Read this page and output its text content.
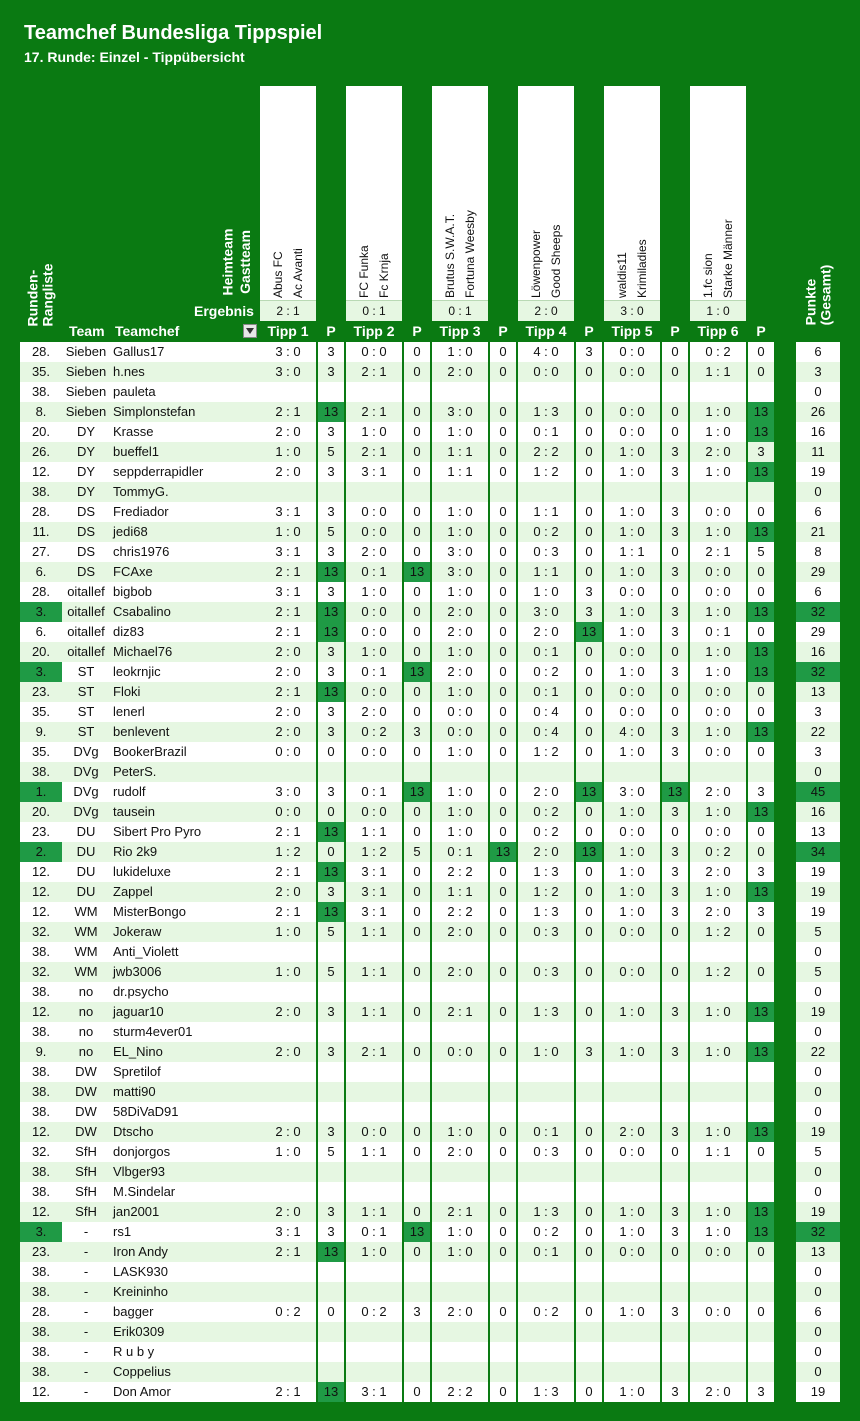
Teamchef Bundesliga Tippspiel
17. Runde: Einzel - Tippübersicht
Runden-Rangliste	Heimteam Gastteam
Ergebnis
Abus FC Ac Avanti
2 : 1
FC Funka Fc Krnja
0 : 1
Brutus S.W.A.T. Fortuna Weesby
0 : 1
Löwenpower Good Sheeps
2 : 0
waldis11 Krimiladies
3 : 0
1.fc sion Starke Männer
1 : 0
Team Teamchef	Tipp 1	P	Tipp 2	P	Tipp 3	P	Tipp 4	P	Tipp 5	P	Tipp 6	P
Punkte (Gesamt)
28.	Sieben Gallus17	3 : 0	3	0 : 0	0	1 : 0	0	4 : 0	3	0 : 0	0	0 : 2	0	6
35.	Sieben h.nes	3 : 0	3	2 : 1	0	2 : 0	0	0 : 0	0	0 : 0	0	1 : 1	0	3
38.	Sieben pauleta	0
8.	Sieben Simplonstefan	2 : 1	13	2 : 1	0	3 : 0	0	1 : 3	0	0 : 0	0	1 : 0	13	26
20.	DY	Krasse	2 : 0	3	1 : 0	0	1 : 0	0	0 : 1	0	0 : 0	0	1 : 0	13	16
26.	DY	bueffel1	1 : 0	5	2 : 1	0	1 : 1	0	2 : 2	0	1 : 0	3	2 : 0	3	11
12.	DY	seppderrapidler	2 : 0	3	3 : 1	0	1 : 1	0	1 : 2	0	1 : 0	3	1 : 0	13	19
38.	DY	TommyG.	0
28.	DS	Frediador	3 : 1	3	0 : 0	0	1 : 0	0	1 : 1	0	1 : 0	3	0 : 0	0	6
11.	DS	jedi68	1 : 0	5	0 : 0	0	1 : 0	0	0 : 2	0	1 : 0	3	1 : 0	13	21
27.	DS	chris1976	3 : 1	3	2 : 0	0	3 : 0	0	0 : 3	0	1 : 1	0	2 : 1	5	8
6.	DS	FCAxe	2 : 1	13	0 : 1	13	3 : 0	0	1 : 1	0	1 : 0	3	0 : 0	0	29
28.	oitallef bigbob	3 : 1	3	1 : 0	0	1 : 0	0	1 : 0	3	0 : 0	0	0 : 0	0	6
3.	oitallef Csabalino	2 : 1	13	0 : 0	0	2 : 0	0	3 : 0	3	1 : 0	3	1 : 0	13	32
6.	oitallef diz83	2 : 1	13	0 : 0	0	2 : 0	0	2 : 0	13	1 : 0	3	0 : 1	0	29
20.	oitallef Michael76	2 : 0	3	1 : 0	0	1 : 0	0	0 : 1	0	0 : 0	0	1 : 0	13	16
3.	ST	leokrnjic	2 : 0	3	0 : 1	13	2 : 0	0	0 : 2	0	1 : 0	3	1 : 0	13	32
23.	ST	Floki	2 : 1	13	0 : 0	0	1 : 0	0	0 : 1	0	0 : 0	0	0 : 0	0	13
35.	ST	lenerl	2 : 0	3	2 : 0	0	0 : 0	0	0 : 4	0	0 : 0	0	0 : 0	0	3
9.	ST	benlevent	2 : 0	3	0 : 2	3	0 : 0	0	0 : 4	0	4 : 0	3	1 : 0	13	22
35.	DVg	BookerBrazil	0 : 0	0	0 : 0	0	1 : 0	0	1 : 2	0	1 : 0	3	0 : 0	0	3
38.	DVg	PeterS.	0
1.	DVg	rudolf	3 : 0	3	0 : 1	13	1 : 0	0	2 : 0	13	3 : 0	13	2 : 0	3	45
20.	DVg	tausein	0 : 0	0	0 : 0	0	1 : 0	0	0 : 2	0	1 : 0	3	1 : 0	13	16
23.	DU	Sibert Pro Pyro	2 : 1	13	1 : 1	0	1 : 0	0	0 : 2	0	0 : 0	0	0 : 0	0	13
2.	DU	Rio 2k9	1 : 2	0	1 : 2	5	0 : 1	13	2 : 0	13	1 : 0	3	0 : 2	0	34
12.	DU	lukideluxe	2 : 1	13	3 : 1	0	2 : 2	0	1 : 3	0	1 : 0	3	2 : 0	3	19
12.	DU	Zappel	2 : 0	3	3 : 1	0	1 : 1	0	1 : 2	0	1 : 0	3	1 : 0	13	19
12.	WM	MisterBongo	2 : 1	13	3 : 1	0	2 : 2	0	1 : 3	0	1 : 0	3	2 : 0	3	19
32.	WM	Jokeraw	1 : 0	5	1 : 1	0	2 : 0	0	0 : 3	0	0 : 0	0	1 : 2	0	5
38.	WM	Anti_Violett	0
32.	WM	jwb3006	1 : 0	5	1 : 1	0	2 : 0	0	0 : 3	0	0 : 0	0	1 : 2	0	5
38.	no	dr.psycho	0
12.	no	jaguar10	2 : 0	3	1 : 1	0	2 : 1	0	1 : 3	0	1 : 0	3	1 : 0	13	19
38.	no	sturm4ever01	0
9.	no	EL_Nino	2 : 0	3	2 : 1	0	0 : 0	0	1 : 0	3	1 : 0	3	1 : 0	13	22
38.	DW	Spretilof	0
38.	DW	matti90	0
38.	DW	58DiVaD91	0
12.	DW	Dtscho	2 : 0	3	0 : 0	0	1 : 0	0	0 : 1	0	2 : 0	3	1 : 0	13	19
32.	SfH	donjorgos	1 : 0	5	1 : 1	0	2 : 0	0	0 : 3	0	0 : 0	0	1 : 1	0	5
38.	SfH	Vlbger93	0
38.	SfH	M.Sindelar	0
12.	SfH	jan2001	2 : 0	3	1 : 1	0	2 : 1	0	1 : 3	0	1 : 0	3	1 : 0	13	19
3.	-	rs1	3 : 1	3	0 : 1	13	1 : 0	0	0 : 2	0	1 : 0	3	1 : 0	13	32
23.	-	Iron Andy	2 : 1	13	1 : 0	0	1 : 0	0	0 : 1	0	0 : 0	0	0 : 0	0	13
38.	-	LASK930	0
38.	-	Kreininho	0
28.	-	bagger	0 : 2	0	0 : 2	3	2 : 0	0	0 : 2	0	1 : 0	3	0 : 0	0	6
38.	-	Erik0309	0
38.	-	R u b y	0
38.	-	Coppelius	0
12.	-	Don Amor	2 : 1	13	3 : 1	0	2 : 2	0	1 : 3	0	1 : 0	3	2 : 0	3	19
